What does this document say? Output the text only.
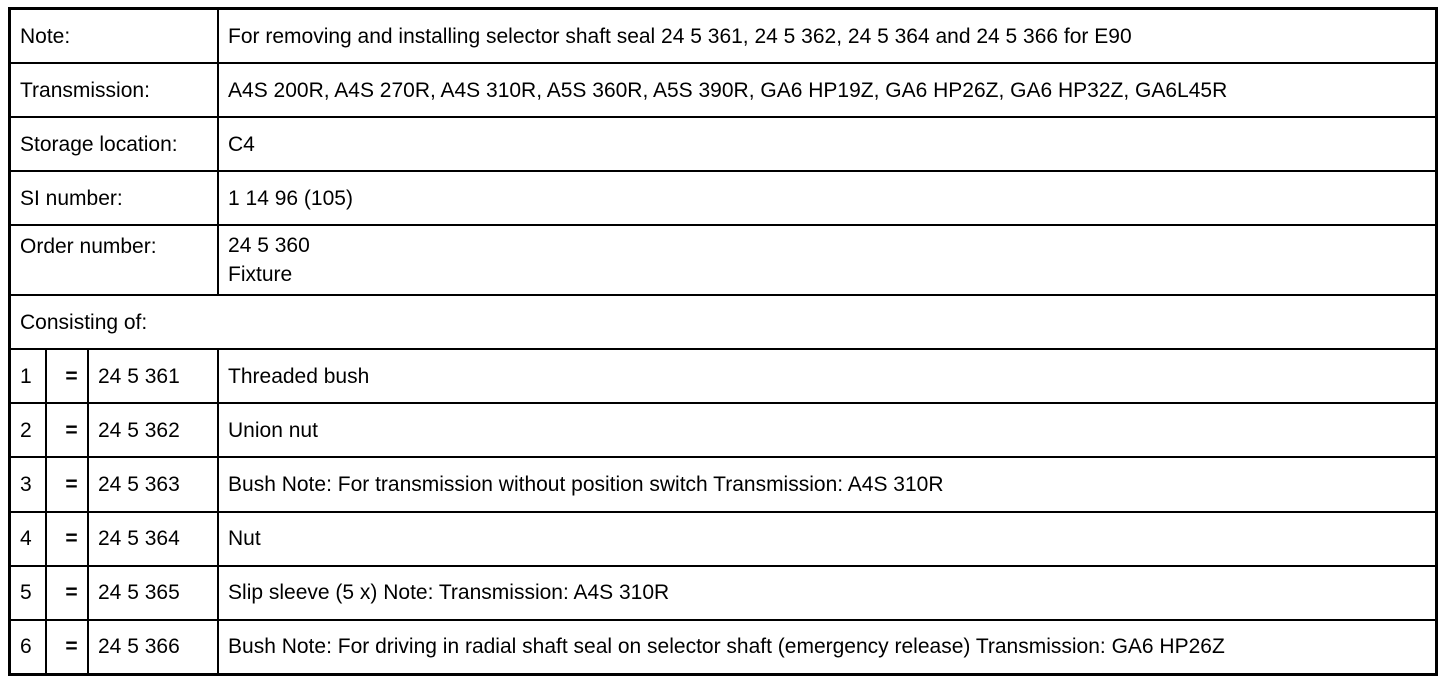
Note:			For removing and installing selector shaft seal 24 5 361, 24 5 362, 24 5 364 and 24 5 366 for E90
Transmission:			A4S 200R, A4S 270R, A4S 310R, A5S 360R, A5S 390R, GA6 HP19Z, GA6 HP26Z, GA6 HP32Z, GA6L45R
Storage location:			C4
SI number:			1 14 96 (105)
Order number:			24 5 360
Fixture

Consisting of:			
1	=	24 5 361	Threaded bush
2	=	24 5 362	Union nut
3	=	24 5 363	Bush Note: For transmission without position switch Transmission: A4S 310R
4	=	24 5 364	Nut
5	=	24 5 365	Slip sleeve (5 x) Note: Transmission: A4S 310R
6	=	24 5 366	Bush Note: For driving in radial shaft seal on selector shaft (emergency release) Transmission: GA6 HP26Z
